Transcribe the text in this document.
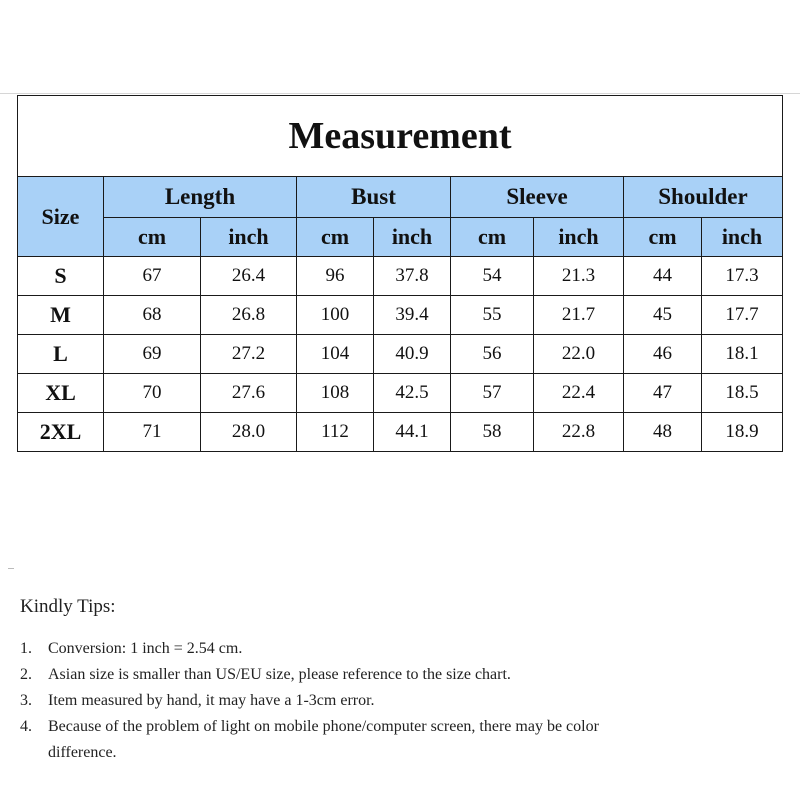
Measurement								
Size	Length		Bust		Sleeve		Shoulder	
	cm	inch	cm	inch	cm	inch	cm	inch
S	67	26.4	96	37.8	54	21.3	44	17.3
M	68	26.8	100	39.4	55	21.7	45	17.7
L	69	27.2	104	40.9	56	22.0	46	18.1
XL	70	27.6	108	42.5	57	22.4	47	18.5
2XL	71	28.0	112	44.1	58	22.8	48	18.9

Kindly Tips:

1.	Conversion: 1 inch = 2.54 cm.
2.	Asian size is smaller than US/EU size, please reference to the size chart.
3.	Item measured by hand, it may have a 1-3cm error.
4.	Because of the problem of light on mobile phone/computer screen, there may be color difference.
